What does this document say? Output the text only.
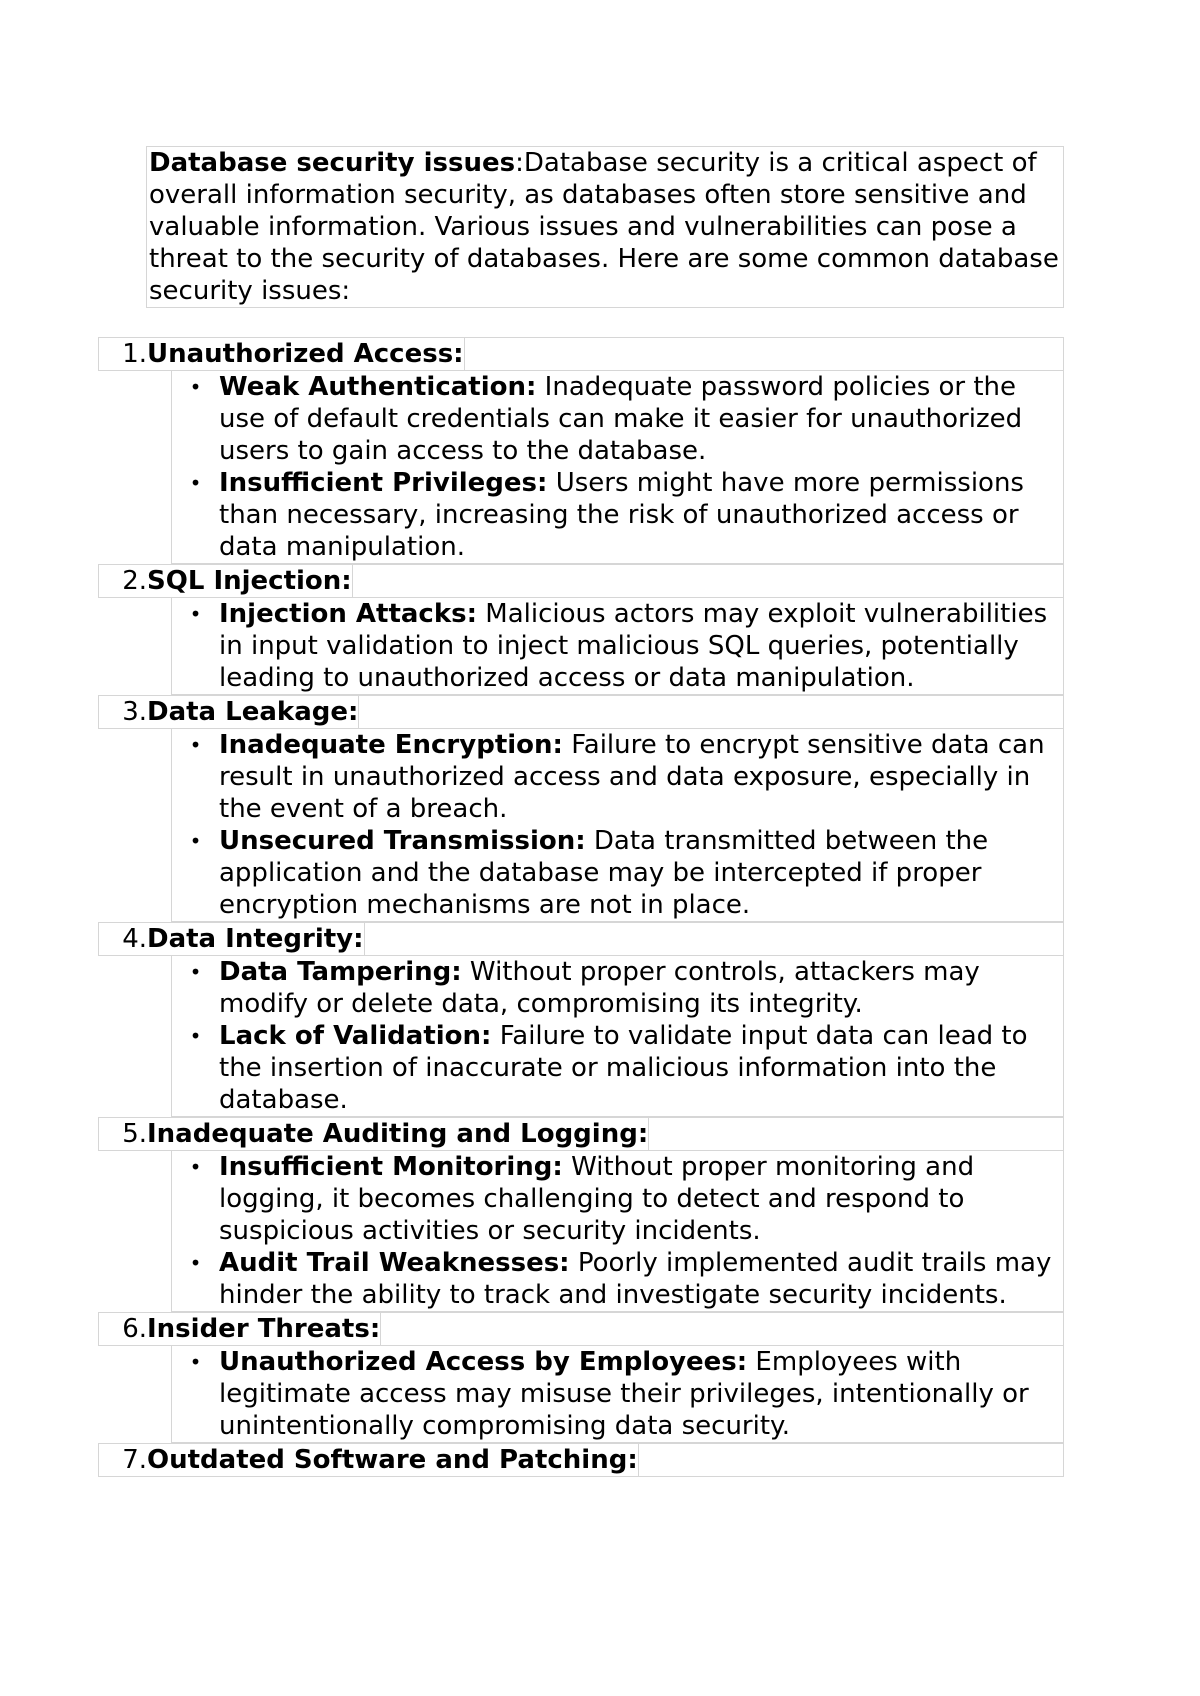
Database security issues:Database security is a critical aspect of overall information security, as databases often store sensitive and valuable information. Various issues and vulnerabilities can pose a threat to the security of databases. Here are some common database security issues:

1. Unauthorized Access:
• Weak Authentication: Inadequate password policies or the use of default credentials can make it easier for unauthorized users to gain access to the database.
• Insufficient Privileges: Users might have more permissions than necessary, increasing the risk of unauthorized access or data manipulation.
2. SQL Injection:
• Injection Attacks: Malicious actors may exploit vulnerabilities in input validation to inject malicious SQL queries, potentially leading to unauthorized access or data manipulation.
3. Data Leakage:
• Inadequate Encryption: Failure to encrypt sensitive data can result in unauthorized access and data exposure, especially in the event of a breach.
• Unsecured Transmission: Data transmitted between the application and the database may be intercepted if proper encryption mechanisms are not in place.
4. Data Integrity:
• Data Tampering: Without proper controls, attackers may modify or delete data, compromising its integrity.
• Lack of Validation: Failure to validate input data can lead to the insertion of inaccurate or malicious information into the database.
5. Inadequate Auditing and Logging:
• Insufficient Monitoring: Without proper monitoring and logging, it becomes challenging to detect and respond to suspicious activities or security incidents.
• Audit Trail Weaknesses: Poorly implemented audit trails may hinder the ability to track and investigate security incidents.
6. Insider Threats:
• Unauthorized Access by Employees: Employees with legitimate access may misuse their privileges, intentionally or unintentionally compromising data security.
7. Outdated Software and Patching:
